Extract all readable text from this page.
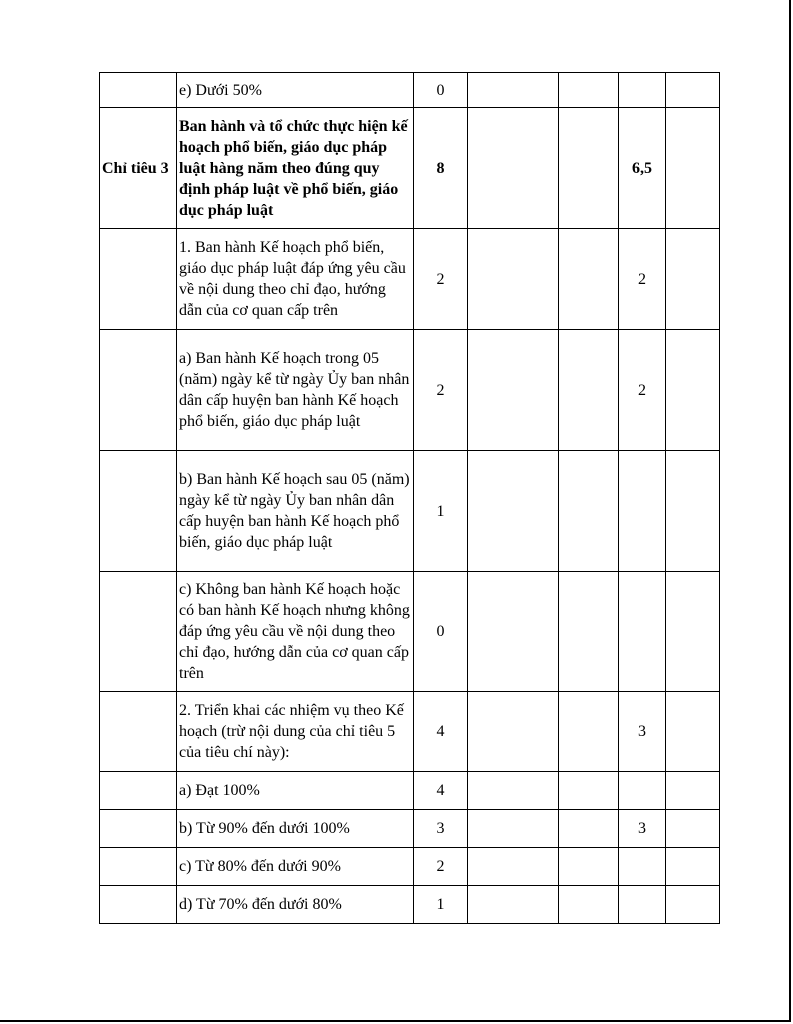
	e) Dưới 50%	0				
Chỉ tiêu 3	Ban hành và tổ chức thực hiện kế hoạch phổ biến, giáo dục pháp luật hàng năm theo đúng quy định pháp luật về phổ biến, giáo dục pháp luật	8			6,5	
	1. Ban hành Kế hoạch phổ biến, giáo dục pháp luật đáp ứng yêu cầu về nội dung theo chỉ đạo, hướng dẫn của cơ quan cấp trên	2			2	
	a) Ban hành Kế hoạch trong 05 (năm) ngày kể từ ngày Ủy ban nhân dân cấp huyện ban hành Kế hoạch phổ biến, giáo dục pháp luật	2			2	
	b) Ban hành Kế hoạch sau 05 (năm) ngày kể từ ngày Ủy ban nhân dân cấp huyện ban hành Kế hoạch phổ biến, giáo dục pháp luật	1				
	c) Không ban hành Kế hoạch hoặc có ban hành Kế hoạch nhưng không đáp ứng yêu cầu về nội dung theo chỉ đạo, hướng dẫn của cơ quan cấp trên	0				
	2. Triển khai các nhiệm vụ theo Kế hoạch (trừ nội dung của chỉ tiêu 5 của tiêu chí này):	4			3	
	a) Đạt 100%	4				
	b) Từ 90% đến dưới 100%	3			3	
	c) Từ 80% đến dưới 90%	2				
	d) Từ 70% đến dưới 80%	1				
